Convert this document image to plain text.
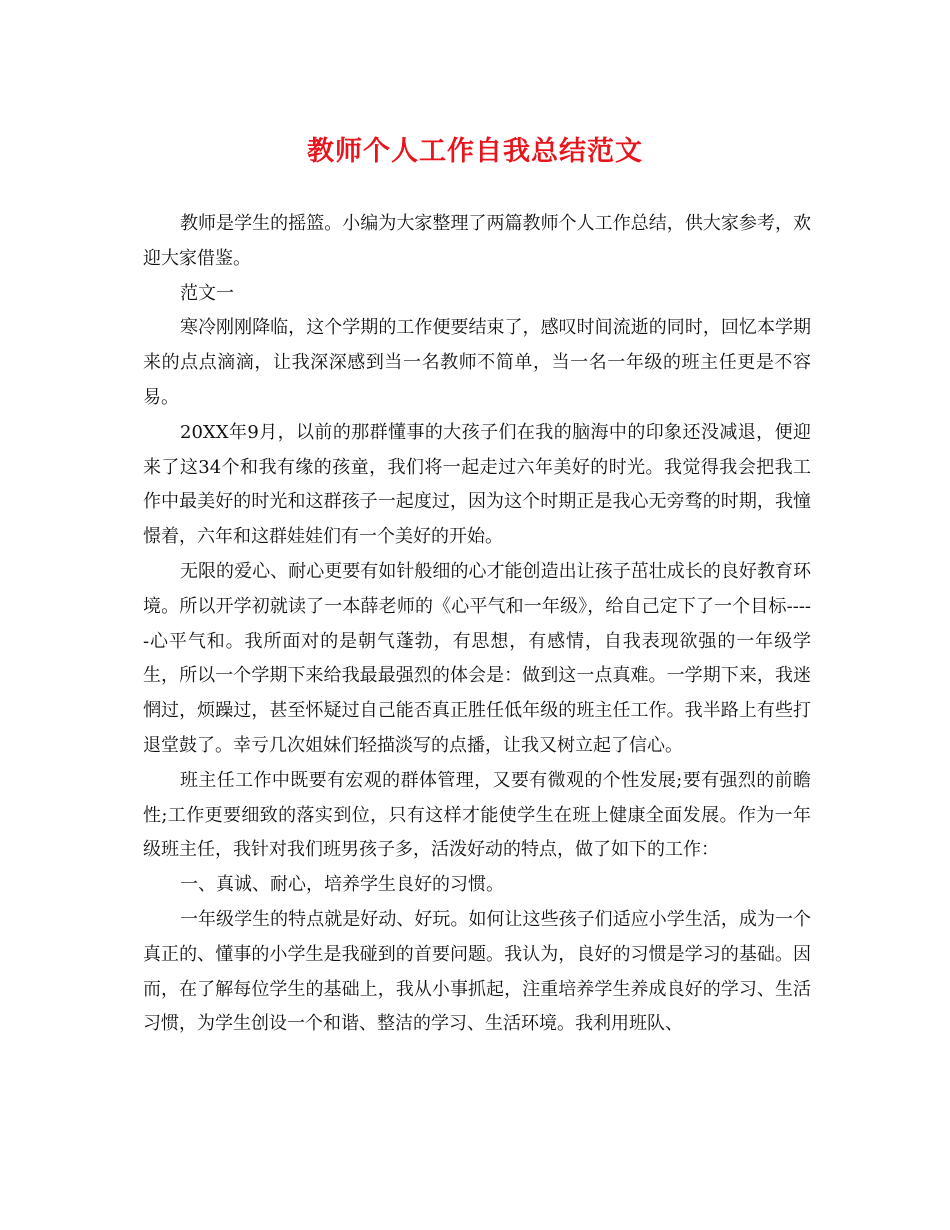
教师个人工作自我总结范文

教师是学生的摇篮。小编为大家整理了两篇教师个人工作总结，供大家参考，欢迎大家借鉴。

范文一

寒冷刚刚降临，这个学期的工作便要结束了，感叹时间流逝的同时，回忆本学期来的点点滴滴，让我深深感到当一名教师不简单，当一名一年级的班主任更是不容易。

20XX年9月，以前的那群懂事的大孩子们在我的脑海中的印象还没减退，便迎来了这34个和我有缘的孩童，我们将一起走过六年美好的时光。我觉得我会把我工作中最美好的时光和这群孩子一起度过，因为这个时期正是我心无旁骛的时期，我憧憬着，六年和这群娃娃们有一个美好的开始。

无限的爱心、耐心更要有如针般细的心才能创造出让孩子茁壮成长的良好教育环境。所以开学初就读了一本薛老师的《心平气和一年级》，给自己定下了一个目标-----心平气和。我所面对的是朝气蓬勃，有思想，有感情，自我表现欲强的一年级学生，所以一个学期下来给我最最强烈的体会是：做到这一点真难。一学期下来，我迷惘过，烦躁过，甚至怀疑过自己能否真正胜任低年级的班主任工作。我半路上有些打退堂鼓了。幸亏几次姐妹们轻描淡写的点播，让我又树立起了信心。

班主任工作中既要有宏观的群体管理，又要有微观的个性发展;要有强烈的前瞻性;工作更要细致的落实到位，只有这样才能使学生在班上健康全面发展。作为一年级班主任，我针对我们班男孩子多，活泼好动的特点，做了如下的工作：

一、真诚、耐心，培养学生良好的习惯。

一年级学生的特点就是好动、好玩。如何让这些孩子们适应小学生活，成为一个真正的、懂事的小学生是我碰到的首要问题。我认为，良好的习惯是学习的基础。因而，在了解每位学生的基础上，我从小事抓起，注重培养学生养成良好的学习、生活习惯，为学生创设一个和谐、整洁的学习、生活环境。我利用班队、
